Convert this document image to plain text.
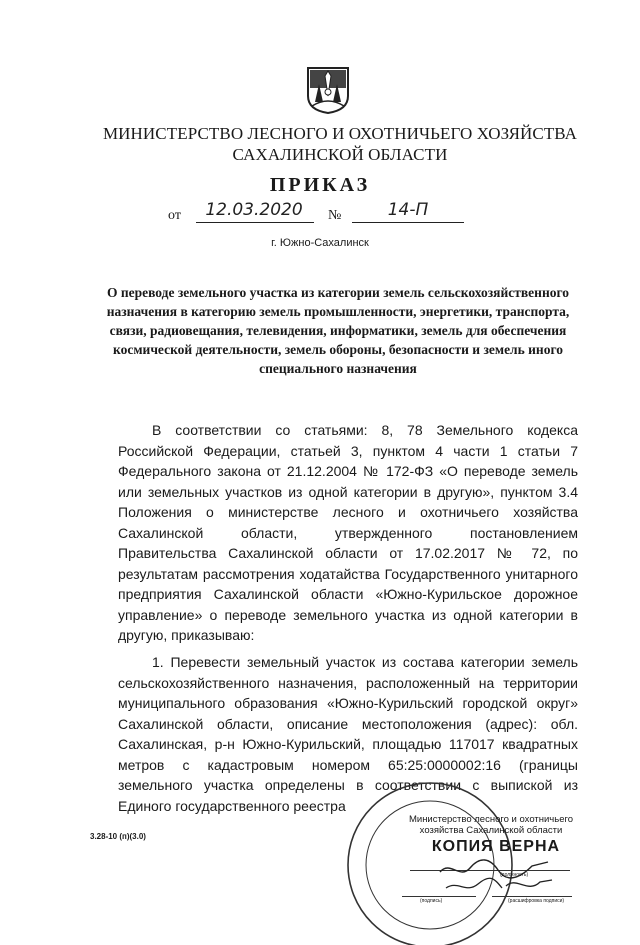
МИНИСТЕРСТВО ЛЕСНОГО И ОХОТНИЧЬЕГО ХОЗЯЙСТВА
САХАЛИНСКОЙ ОБЛАСТИ
ПРИКАЗ
от	12.03.2020	№	14-П
г. Южно-Сахалинск
О переводе земельного участка из категории земель сельскохозяйственного назначения в категорию земель промышленности, энергетики, транспорта, связи, радиовещания, телевидения, информатики, земель для обеспечения космической деятельности, земель обороны, безопасности и земель иного специального назначения
В соответствии со статьями: 8, 78 Земельного кодекса Российской Федерации, статьей 3, пунктом 4 части 1 статьи 7 Федерального закона от 21.12.2004 № 172-ФЗ «О переводе земель или земельных участков из одной категории в другую», пунктом 3.4 Положения о министерстве лесного и охотничьего хозяйства Сахалинской области, утвержденного постановлением Правительства Сахалинской области от 17.02.2017 № 72, по результатам рассмотрения ходатайства Государственного унитарного предприятия Сахалинской области «Южно-Курильское дорожное управление» о переводе земельного участка из одной категории в другую, приказываю:
1. Перевести земельный участок из состава категории земель сельскохозяйственного назначения, расположенный на территории муниципального образования «Южно-Курильский городской округ» Сахалинской области, описание местоположения (адрес): обл. Сахалинская, р-н Южно-Курильский, площадью 117017 квадратных метров с кадастровым номером 65:25:0000002:16 (границы земельного участка определены в соответствии с выпиской из Единого государственного реестра
3.28-10 (п)(3.0)
Министерство лесного и охотничьего хозяйства Сахалинской области
КОПИЯ ВЕРНА
(должность)
(подпись)	(расшифровка подписи)
